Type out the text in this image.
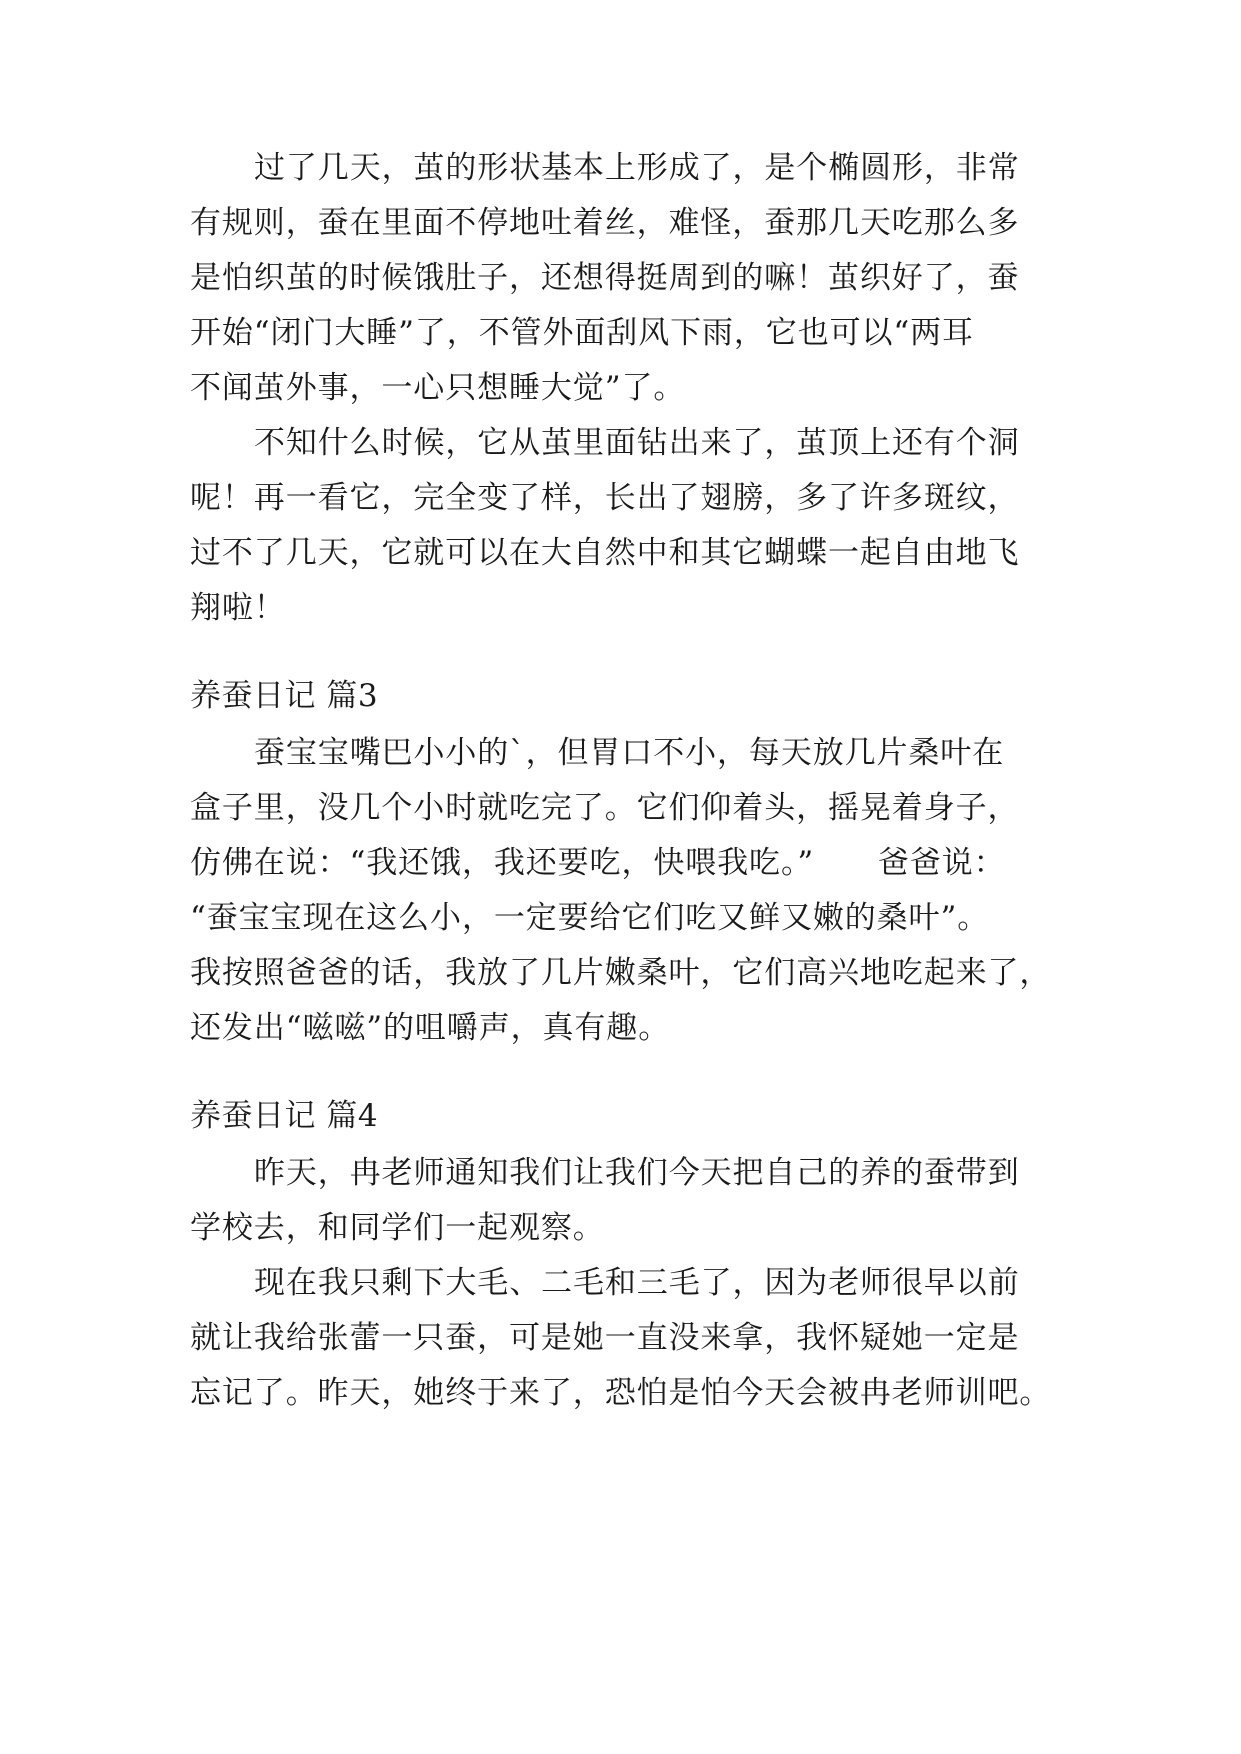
过了几天，茧的形状基本上形成了，是个椭圆形，非常
有规则，蚕在里面不停地吐着丝，难怪，蚕那几天吃那么多
是怕织茧的时候饿肚子，还想得挺周到的嘛！茧织好了，蚕
开始“闭门大睡”了，不管外面刮风下雨，它也可以“两耳
不闻茧外事，一心只想睡大觉”了。
不知什么时候，它从茧里面钻出来了，茧顶上还有个洞
呢！再一看它，完全变了样，长出了翅膀，多了许多斑纹，
过不了几天，它就可以在大自然中和其它蝴蝶一起自由地飞
翔啦！
养蚕日记 篇3
蚕宝宝嘴巴小小的`，但胃口不小，每天放几片桑叶在
盒子里，没几个小时就吃完了。它们仰着头，摇晃着身子，
仿佛在说：“我还饿，我还要吃，快喂我吃。”　　爸爸说：
“蚕宝宝现在这么小，一定要给它们吃又鲜又嫩的桑叶”。
我按照爸爸的话，我放了几片嫩桑叶，它们高兴地吃起来了，
还发出“嗞嗞”的咀嚼声，真有趣。
养蚕日记 篇4
昨天，冉老师通知我们让我们今天把自己的养的蚕带到
学校去，和同学们一起观察。
现在我只剩下大毛、二毛和三毛了，因为老师很早以前
就让我给张蕾一只蚕，可是她一直没来拿，我怀疑她一定是
忘记了。昨天，她终于来了，恐怕是怕今天会被冉老师训吧。
